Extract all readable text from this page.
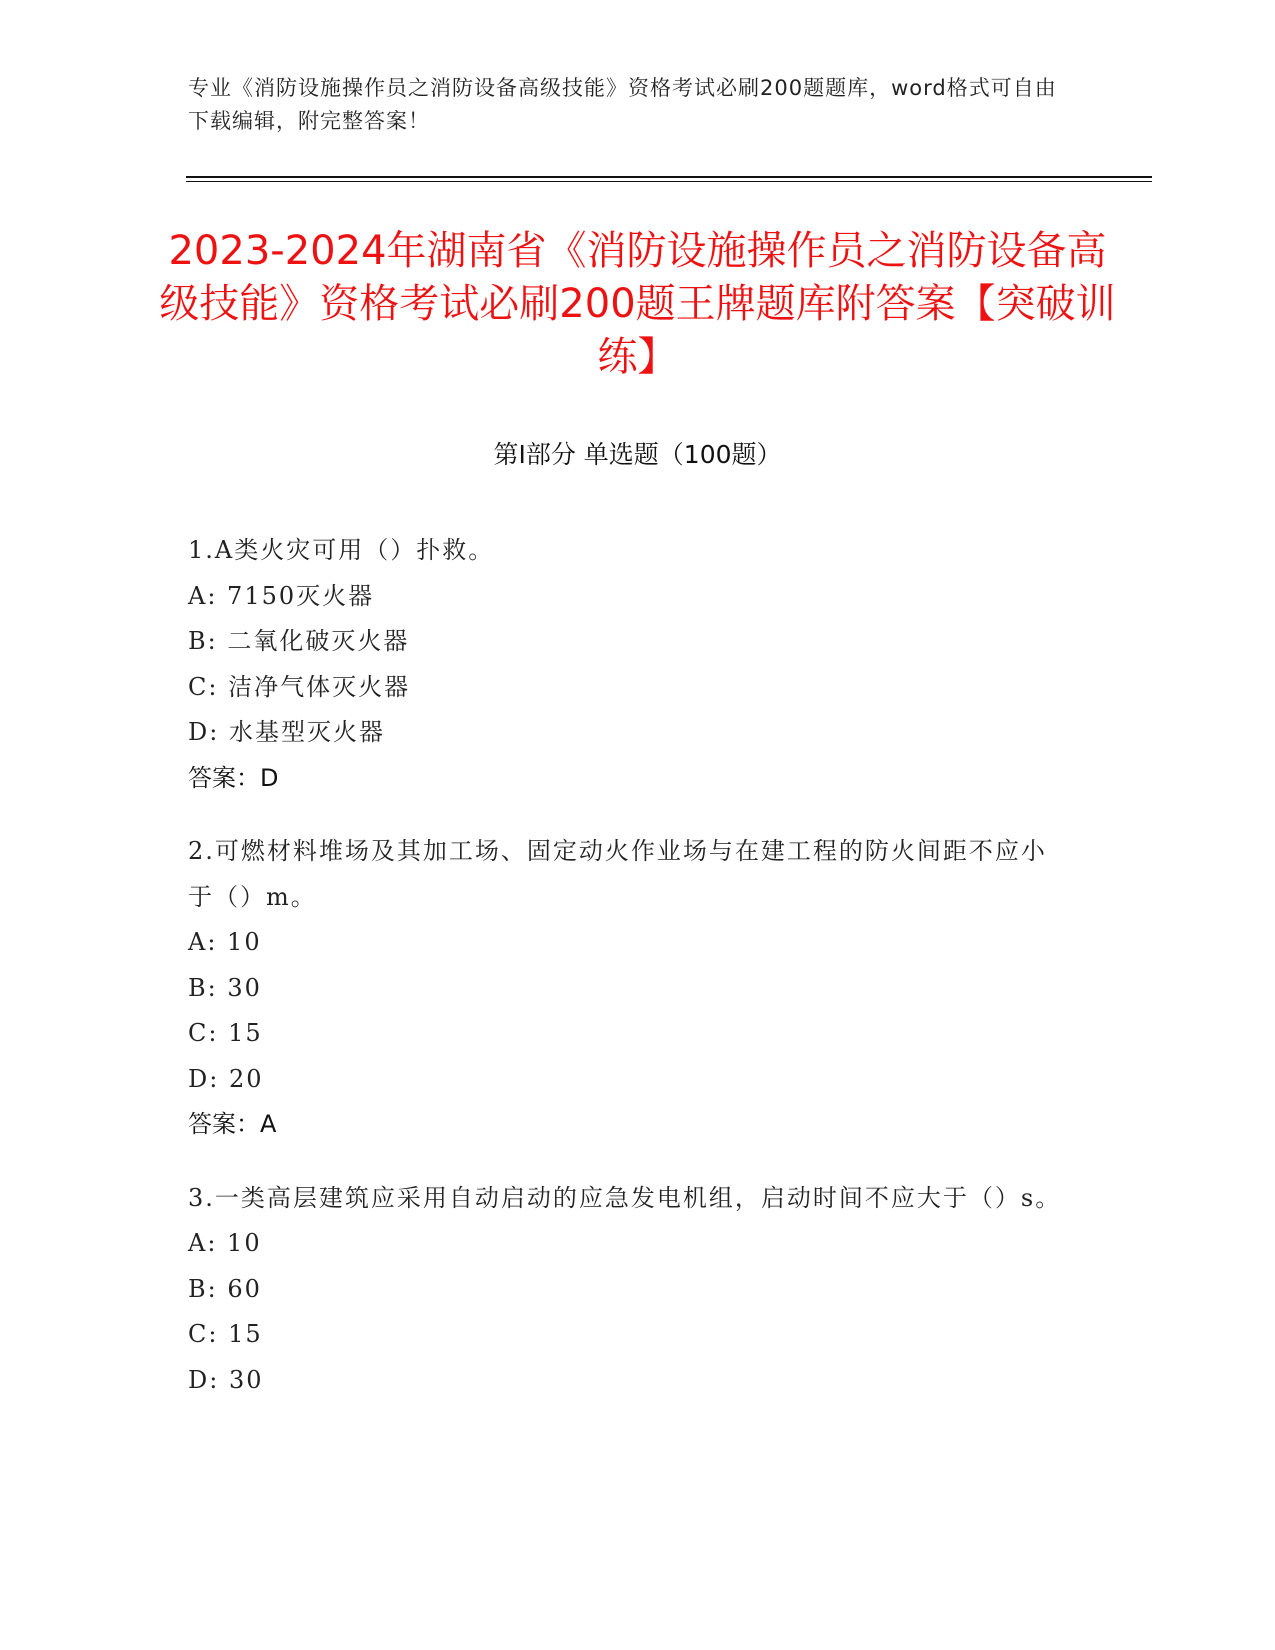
专业《消防设施操作员之消防设备高级技能》资格考试必刷200题题库，word格式可自由下载编辑，附完整答案！
2023-2024年湖南省《消防设施操作员之消防设备高级技能》资格考试必刷200题王牌题库附答案【突破训练】
第Ⅰ部分 单选题（100题）

1.A类火灾可用（）扑救。

A: 7150灭火器

B: 二氧化破灭火器

C: 洁净气体灭火器

D: 水基型灭火器

答案：D

2.可燃材料堆场及其加工场、固定动火作业场与在建工程的防火间距不应小于（）m。

A: 10

B: 30

C: 15

D: 20

答案：A

3.一类高层建筑应采用自动启动的应急发电机组，启动时间不应大于（）s。

A: 10

B: 60

C: 15

D: 30
